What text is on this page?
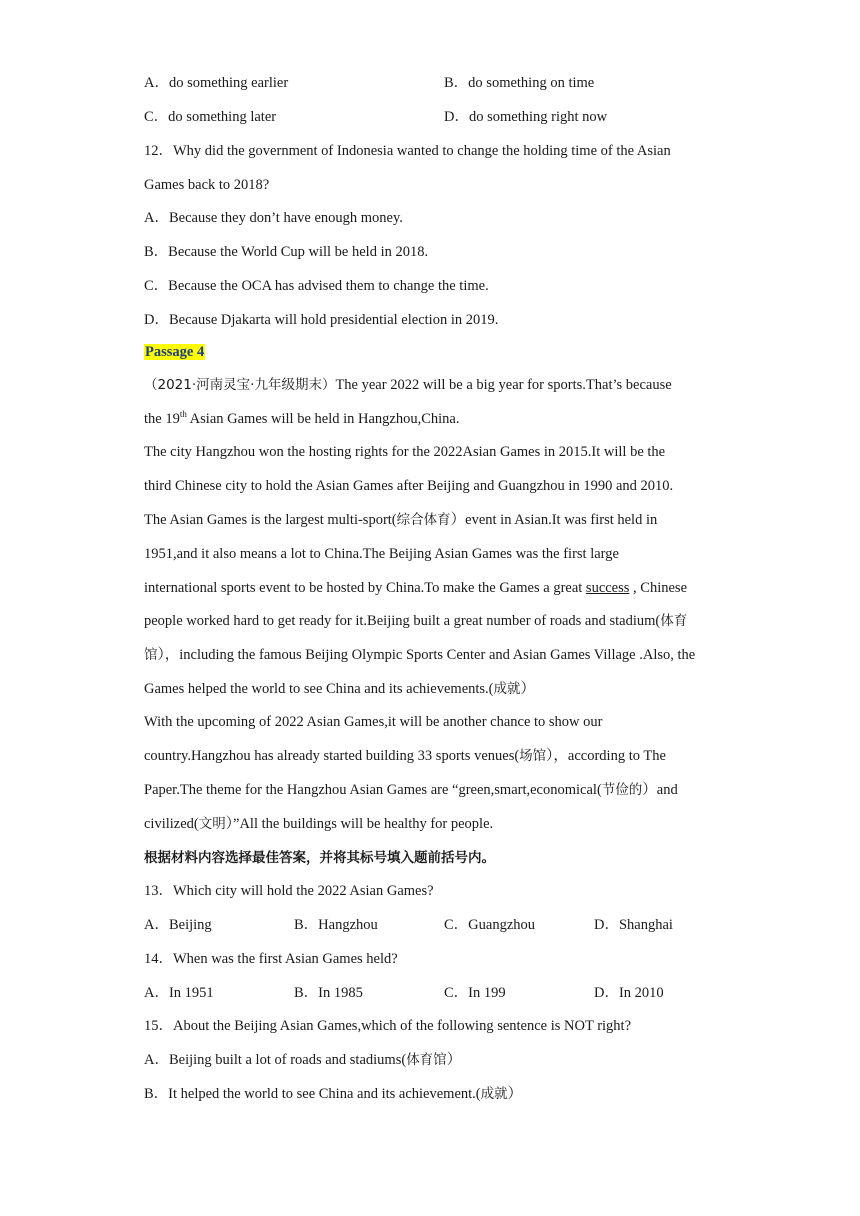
A．do something earlier	B．do something on time
C．do something later	D．do something right now
12．Why did the government of Indonesia wanted to change the holding time of the Asian
Games back to 2018?
A．Because they don’t have enough money.
B．Because the World Cup will be held in 2018.
C．Because the OCA has advised them to change the time.
D．Because Djakarta will hold presidential election in 2019.
Passage 4
（2021·河南灵宝·九年级期末）The year 2022 will be a big year for sports.That’s because
the 19th Asian Games will be held in Hangzhou,China.
The city Hangzhou won the hosting rights for the 2022Asian Games in 2015.It will be the
third Chinese city to hold the Asian Games after Beijing and Guangzhou in 1990 and 2010.
The Asian Games is the largest multi-sport(综合体育）event in Asian.It was first held in
1951,and it also means a lot to China.The Beijing Asian Games was the first large
international sports event to be hosted by China.To make the Games a great success , Chinese
people worked hard to get ready for it.Beijing built a great number of roads and stadium(体育
馆），including the famous Beijing Olympic Sports Center and Asian Games Village .Also, the
Games helped the world to see China and its achievements.(成就）
With the upcoming of 2022 Asian Games,it will be another chance to show our
country.Hangzhou has already started building 33 sports venues(场馆），according to The
Paper.The theme for the Hangzhou Asian Games are “green,smart,economical(节俭的）and
civilized(文明）”All the buildings will be healthy for people.
根据材料内容选择最佳答案，并将其标号填入题前括号内。
13．Which city will hold the 2022 Asian Games?
A．Beijing	B．Hangzhou	C．Guangzhou	D．Shanghai
14．When was the first Asian Games held?
A．In 1951	B．In 1985	C．In 199	D．In 2010
15．About the Beijing Asian Games,which of the following sentence is NOT right?
A．Beijing built a lot of roads and stadiums(体育馆）
B．It helped the world to see China and its achievement.(成就）
